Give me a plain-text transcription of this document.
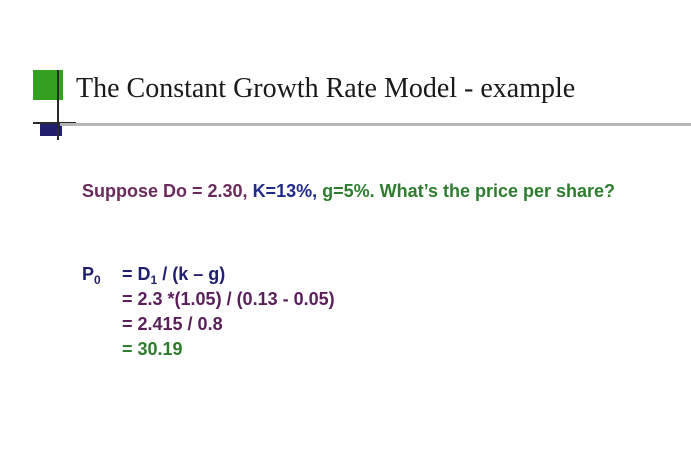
The Constant Growth Rate Model - example
Suppose Do = 2.30, K=13%, g=5%. What’s the price per share?
$P_0$	= $D_1 / (k - g)$
= 2.3 *(1.05) / (0.13 - 0.05)
= 2.415 / 0.8
= 30.19
